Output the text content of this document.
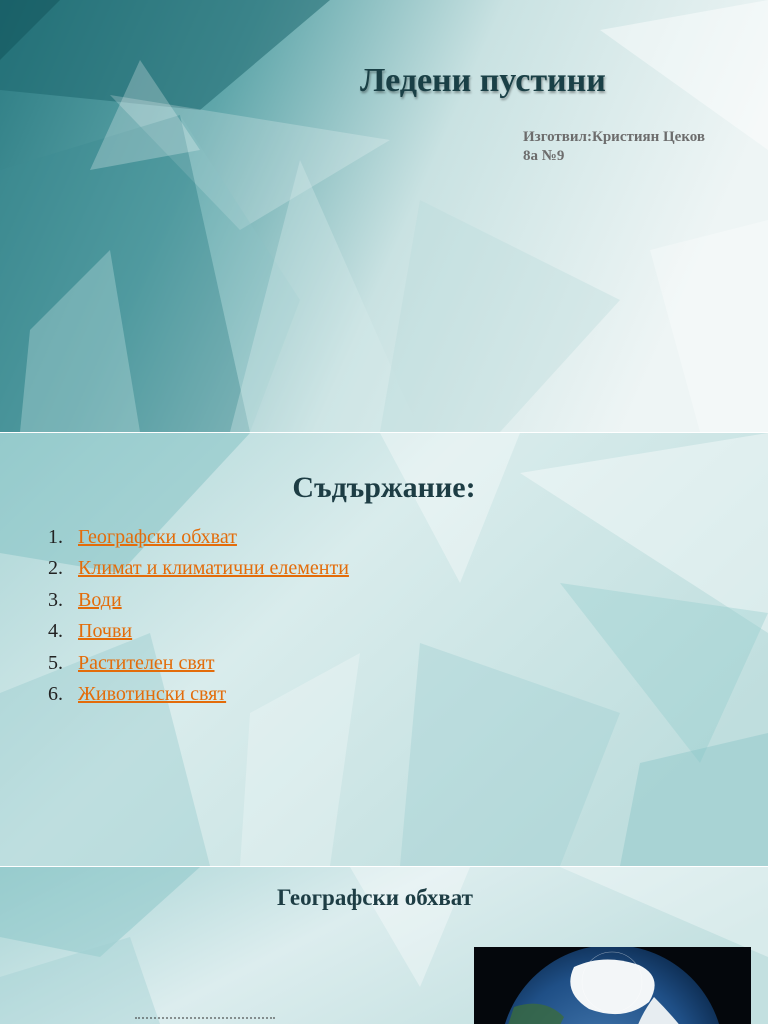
Ледени пустини
Изготвил:Кристиян Цеков
8а №9
Съдържание:
1. Географски обхват
2. Климат и климатични елементи
3. Води
4. Почви
5. Растителен свят
6. Животински свят
Географски обхват
